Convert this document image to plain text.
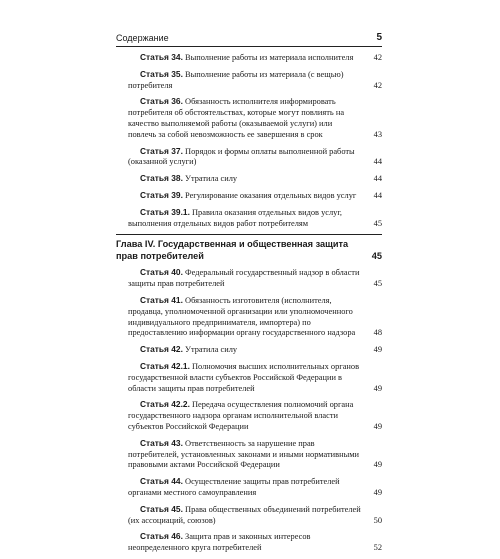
Содержание	5
Статья 34. Выполнение работы из материала исполнителя	42
Статья 35. Выполнение работы из материала (с вещью) потребителя	42
Статья 36. Обязанность исполнителя информировать потребителя об обстоятельствах, которые могут повлиять на качество выполняемой работы (оказываемой услуги) или повлечь за собой невозможность ее завершения в срок	43
Статья 37. Порядок и формы оплаты выполненной работы (оказанной услуги)	44
Статья 38. Утратила силу	44
Статья 39. Регулирование оказания отдельных видов услуг	44
Статья 39.1. Правила оказания отдельных видов услуг, выполнения отдельных видов работ потребителям	45
Глава IV. Государственная и общественная защита прав потребителей	45
Статья 40. Федеральный государственный надзор в области защиты прав потребителей	45
Статья 41. Обязанность изготовителя (исполнителя, продавца, уполномоченной организации или уполномоченного индивидуального предпринимателя, импортера) по предоставлению информации органу государственного надзора	48
Статья 42. Утратила силу	49
Статья 42.1. Полномочия высших исполнительных органов государственной власти субъектов Российской Федерации в области защиты прав потребителей	49
Статья 42.2. Передача осуществления полномочий органа государственного надзора органам исполнительной власти субъектов Российской Федерации	49
Статья 43. Ответственность за нарушение прав потребителей, установленных законами и иными нормативными правовыми актами Российской Федерации	49
Статья 44. Осуществление защиты прав потребителей органами местного самоуправления	49
Статья 45. Права общественных объединений потребителей (их ассоциаций, союзов)	50
Статья 46. Защита прав и законных интересов неопределенного круга потребителей	52
